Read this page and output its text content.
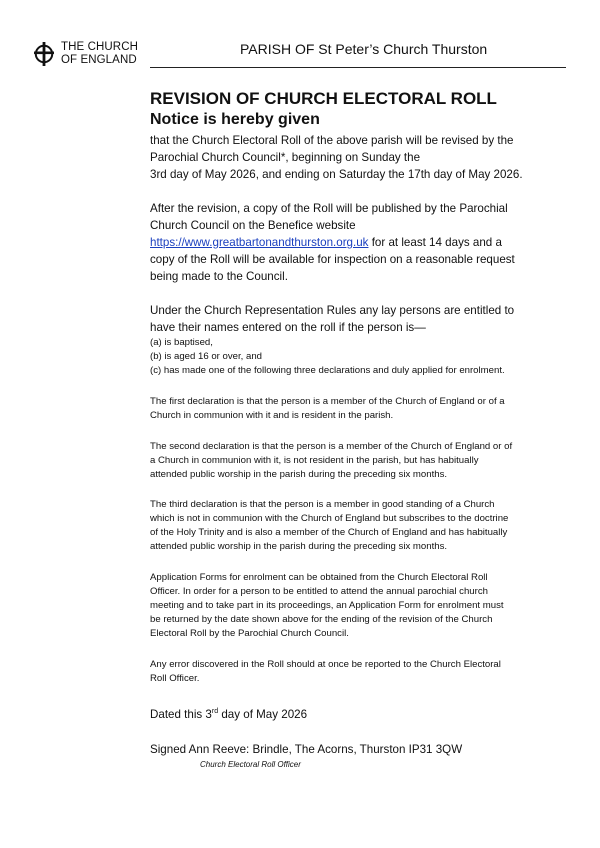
THE CHURCH
OF ENGLAND
PARISH OF St Peter’s Church Thurston
REVISION OF CHURCH ELECTORAL ROLL
Notice is hereby given
that the Church Electoral Roll of the above parish will be revised by the
Parochial Church Council*, beginning on Sunday the
3rd day of May 2026, and ending on Saturday the 17th day of May 2026.
After the revision, a copy of the Roll will be published by the Parochial
Church Council on the Benefice website
https://www.greatbartonandthurston.org.uk for at least 14 days and a
copy of the Roll will be available for inspection on a reasonable request
being made to the Council.
Under the Church Representation Rules any lay persons are entitled to
have their names entered on the roll if the person is—
(a) is baptised,
(b) is aged 16 or over, and
(c) has made one of the following three declarations and duly applied for enrolment.
The first declaration is that the person is a member of the Church of England or of a
Church in communion with it and is resident in the parish.
The second declaration is that the person is a member of the Church of England or of
a Church in communion with it, is not resident in the parish, but has habitually
attended public worship in the parish during the preceding six months.
The third declaration is that the person is a member in good standing of a Church
which is not in communion with the Church of England but subscribes to the doctrine
of the Holy Trinity and is also a member of the Church of England and has habitually
attended public worship in the parish during the preceding six months.
Application Forms for enrolment can be obtained from the Church Electoral Roll
Officer. In order for a person to be entitled to attend the annual parochial church
meeting and to take part in its proceedings, an Application Form for enrolment must
be returned by the date shown above for the ending of the revision of the Church
Electoral Roll by the Parochial Church Council.
Any error discovered in the Roll should at once be reported to the Church Electoral
Roll Officer.
Dated this 3rd day of May 2026
Signed Ann Reeve: Brindle, The Acorns, Thurston IP31 3QW
Church Electoral Roll Officer
